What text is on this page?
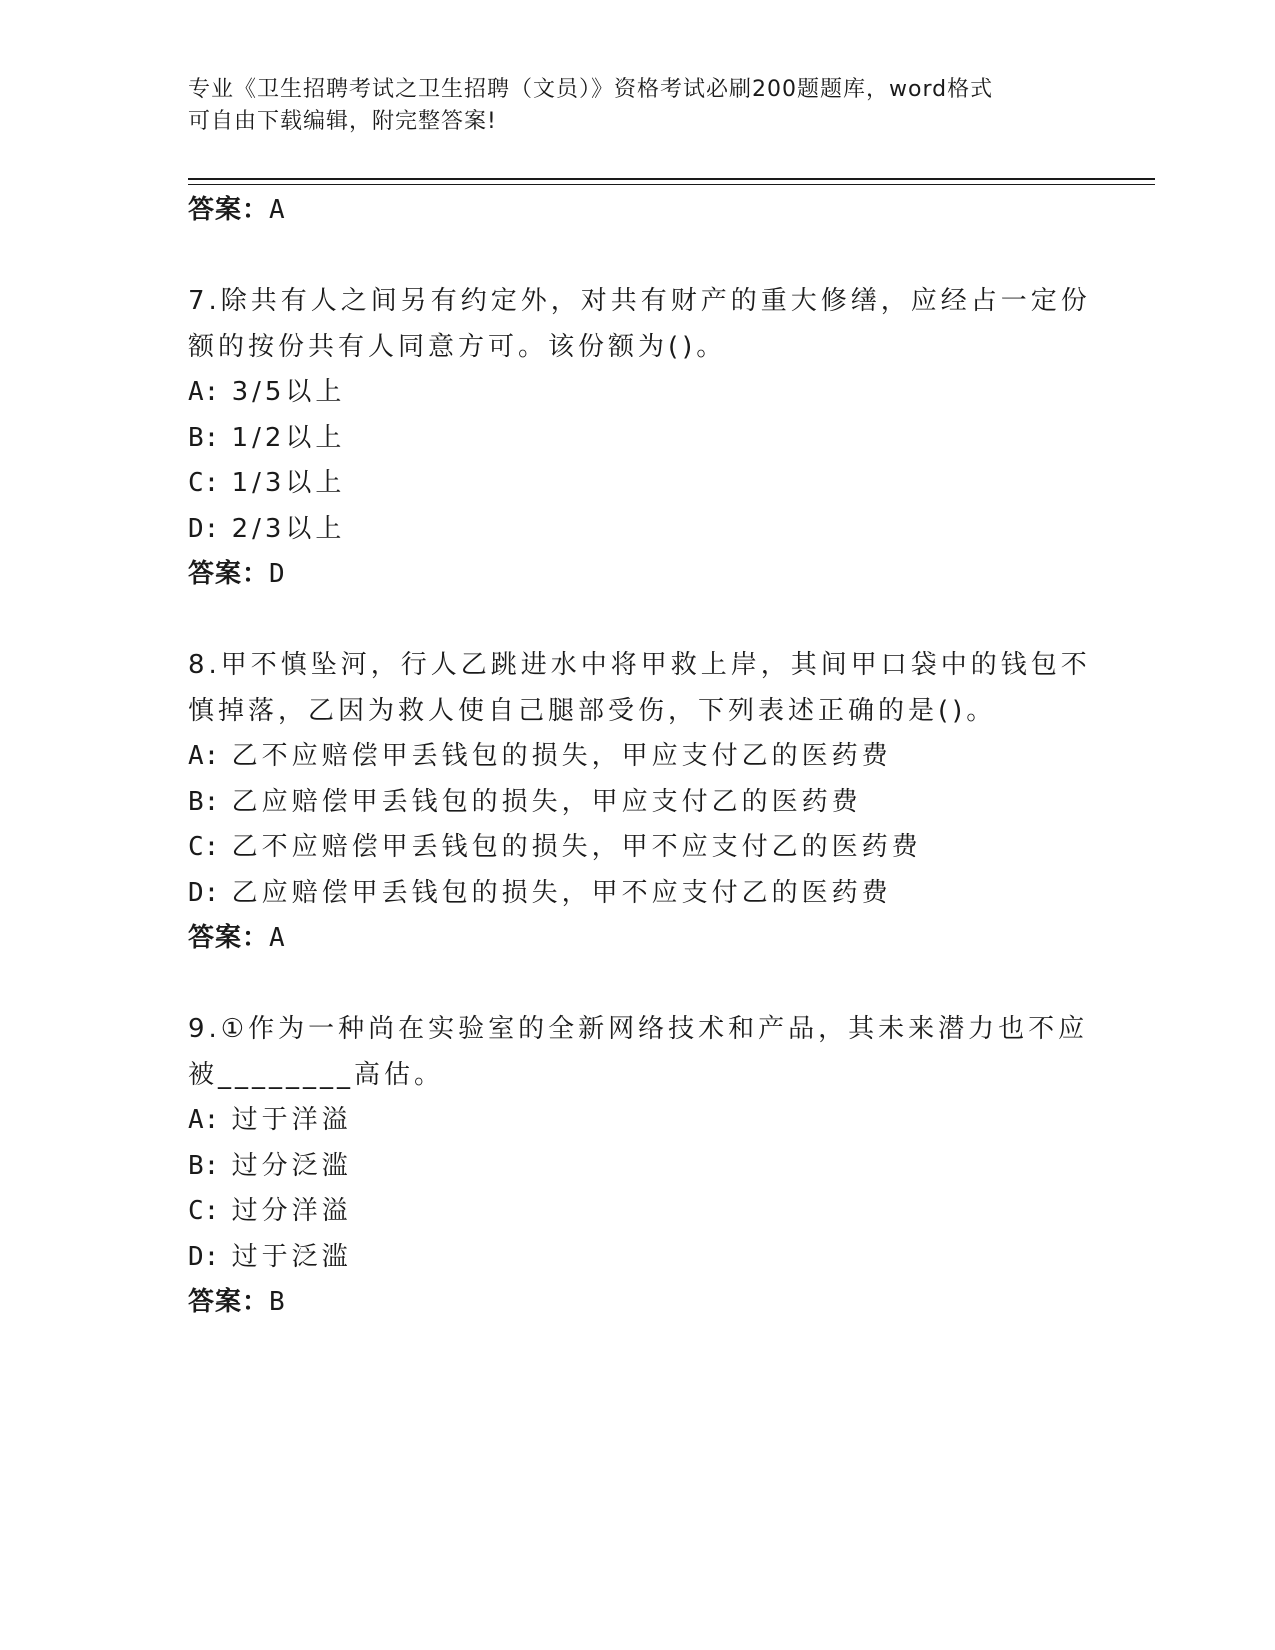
专业《卫生招聘考试之卫生招聘（文员）》资格考试必刷200题题库，word格式
可自由下载编辑，附完整答案!
答案：A
7.除共有人之间另有约定外，对共有财产的重大修缮，应经占一定份
额的按份共有人同意方可。该份额为()。
A: 3/5以上
B: 1/2以上
C: 1/3以上
D: 2/3以上
答案：D
8.甲不慎坠河，行人乙跳进水中将甲救上岸，其间甲口袋中的钱包不
慎掉落，乙因为救人使自己腿部受伤，下列表述正确的是()。
A: 乙不应赔偿甲丢钱包的损失，甲应支付乙的医药费
B: 乙应赔偿甲丢钱包的损失，甲应支付乙的医药费
C: 乙不应赔偿甲丢钱包的损失，甲不应支付乙的医药费
D: 乙应赔偿甲丢钱包的损失，甲不应支付乙的医药费
答案：A
9.①作为一种尚在实验室的全新网络技术和产品，其未来潜力也不应
被________高估。
A: 过于洋溢
B: 过分泛滥
C: 过分洋溢
D: 过于泛滥
答案：B
